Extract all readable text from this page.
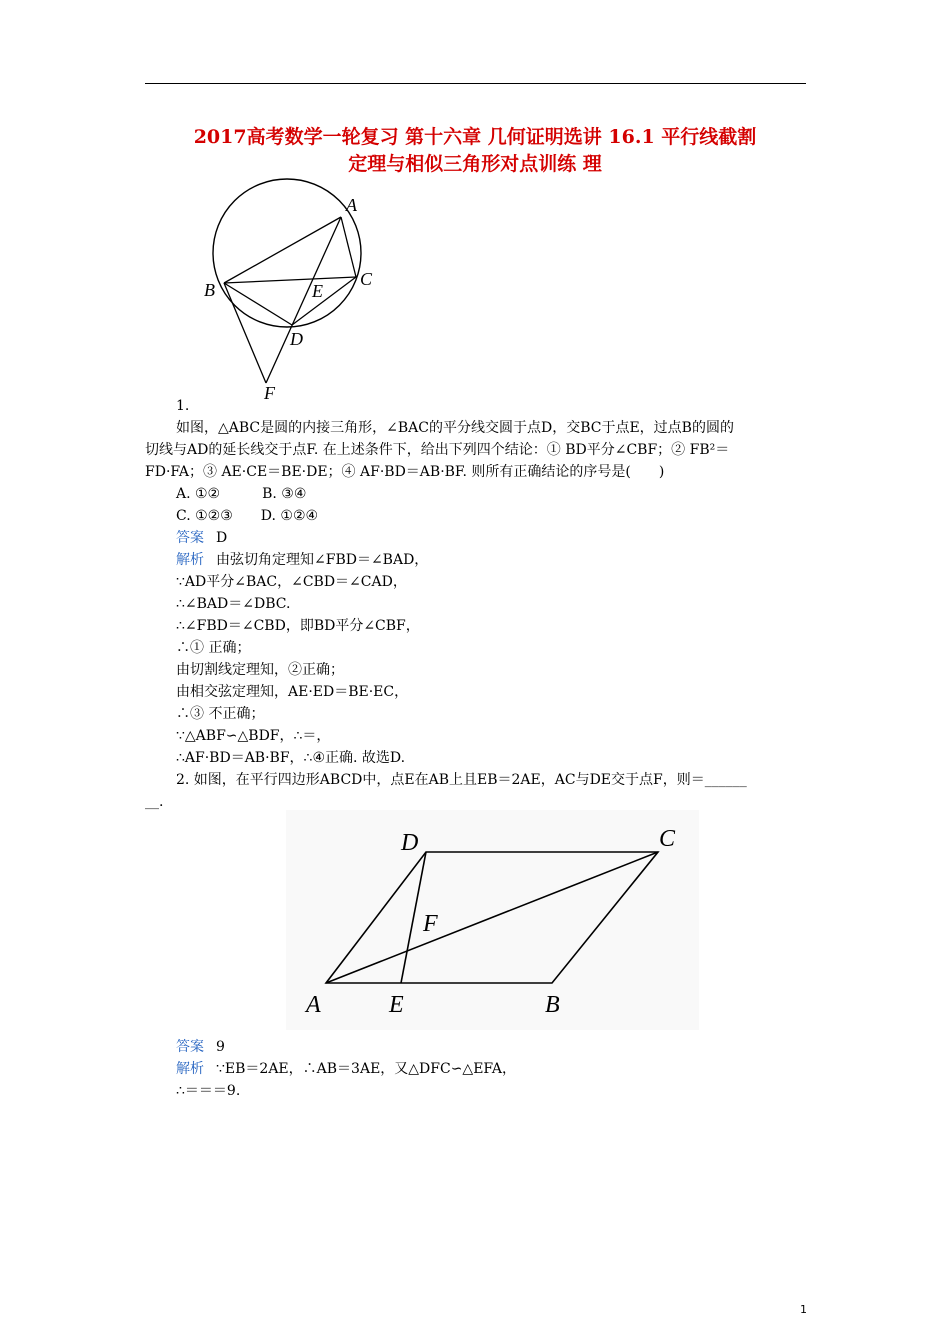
2017高考数学一轮复习 第十六章 几何证明选讲 16.1 平行线截割
定理与相似三角形对点训练 理
A
B
C
D
E
F
1.
如图，△ABC是圆的内接三角形，∠BAC的平分线交圆于点D，交BC于点E，过点B的圆的
切线与AD的延长线交于点F. 在上述条件下，给出下列四个结论：① BD平分∠CBF；② FB²＝
FD·FA；③ AE·CE＝BE·DE；④ AF·BD＝AB·BF. 则所有正确结论的序号是(　　)
A. ①②　　　B. ③④
C. ①②③　　D. ①②④
答案 D
解析 由弦切角定理知∠FBD＝∠BAD，
∵AD平分∠BAC，∠CBD＝∠CAD，
∴∠BAD＝∠DBC.
∴∠FBD＝∠CBD，即BD平分∠CBF，
∴① 正确；
由切割线定理知，②正确；
由相交弦定理知，AE·ED＝BE·EC，
∴③ 不正确；
∵△ABF∽△BDF，∴＝，
∴AF·BD＝AB·BF，∴④正确. 故选D.
2. 如图，在平行四边形ABCD中，点E在AB上且EB＝2AE，AC与DE交于点F，则＝______
__.
A	B
C
D
E
F
答案 9
解析 ∵EB＝2AE，∴AB＝3AE，又△DFC∽△EFA，
∴＝＝＝9.
1
